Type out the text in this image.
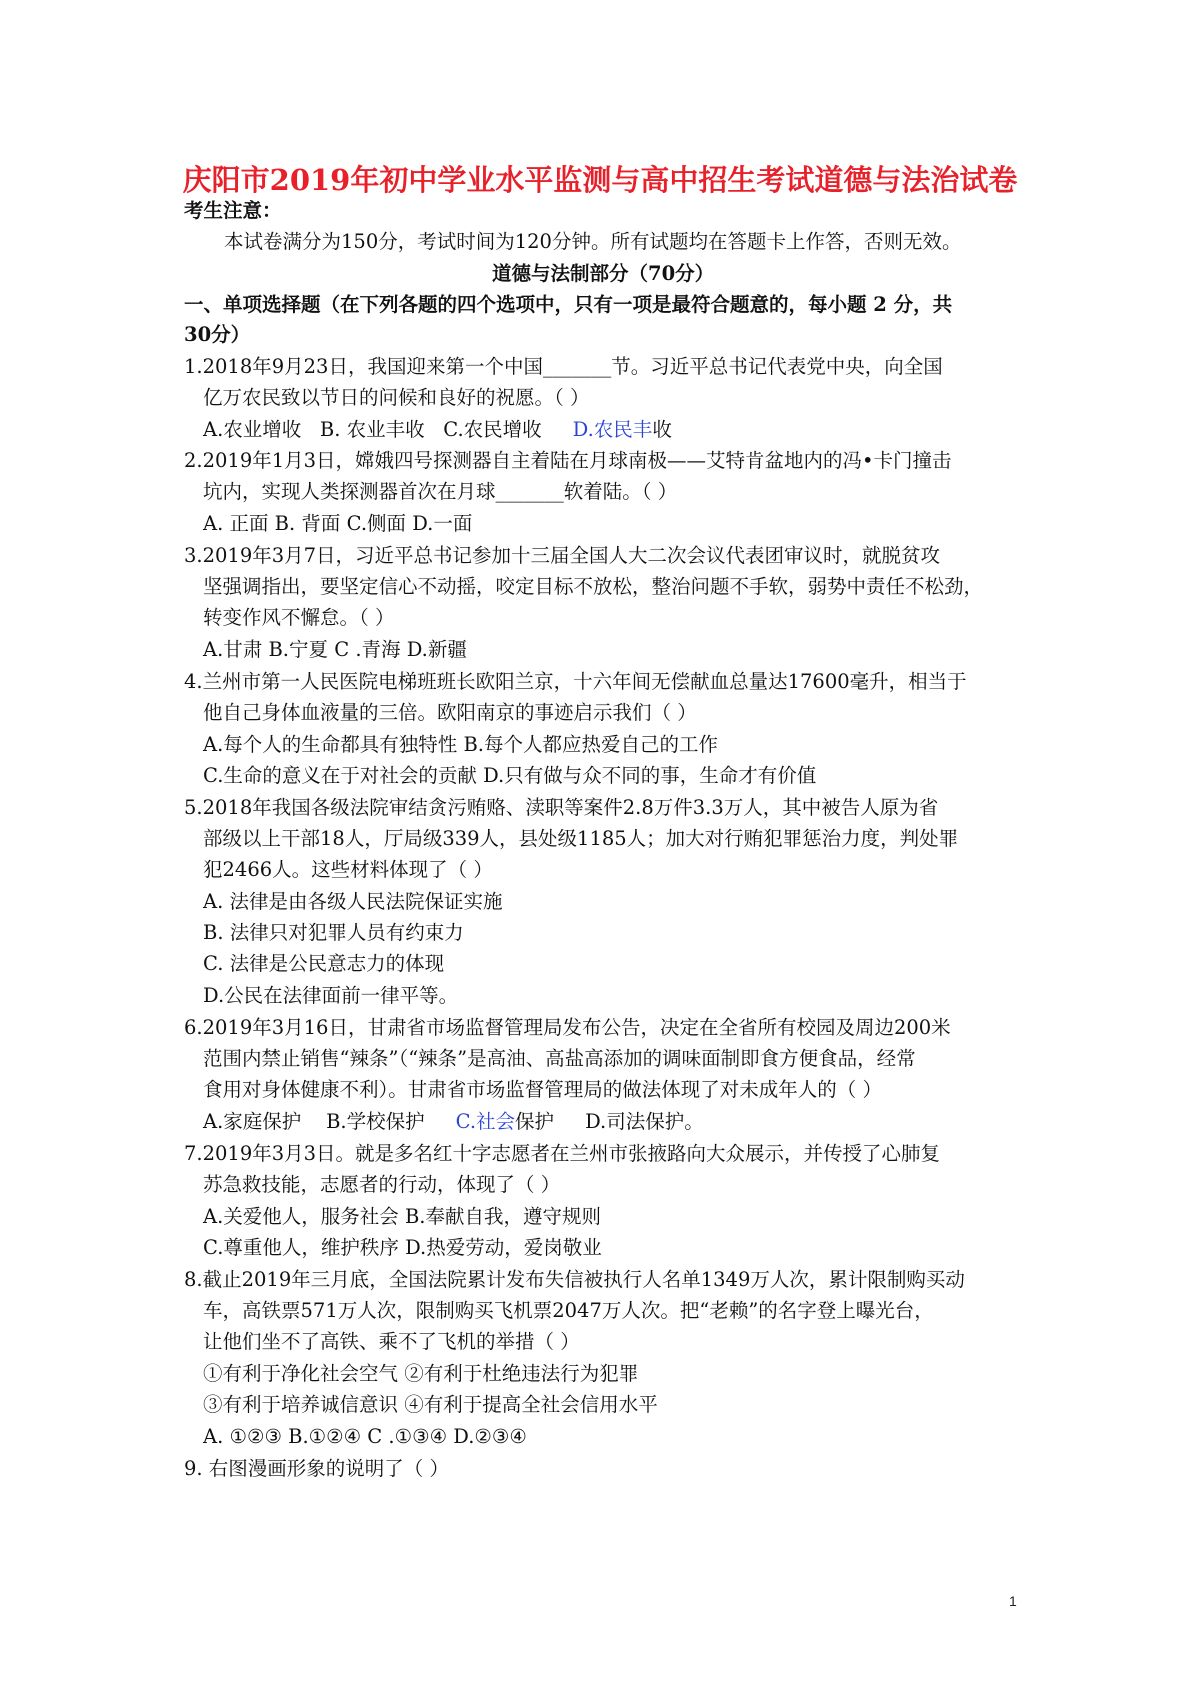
庆阳市2019年初中学业水平监测与高中招生考试道德与法治试卷
考生注意：
本试卷满分为150分，考试时间为120分钟。所有试题均在答题卡上作答，否则无效。
道德与法制部分（70分）
一、单项选择题（在下列各题的四个选项中，只有一项是最符合题意的，每小题 2 分，共
30分）
1.2018年9月23日，我国迎来第一个中国_______节。习近平总书记代表党中央，向全国
亿万农民致以节日的问候和良好的祝愿。（ ）
A.农业增收 B. 农业丰收 C.农民增收 D.农民丰收
2.2019年1月3日，嫦娥四号探测器自主着陆在月球南极——艾特肯盆地内的冯•卡门撞击
坑内，实现人类探测器首次在月球_______软着陆。（ ）
A. 正面 B. 背面 C.侧面 D.一面
3.2019年3月7日，习近平总书记参加十三届全国人大二次会议代表团审议时，就脱贫攻
坚强调指出，要坚定信心不动摇，咬定目标不放松，整治问题不手软，弱势中责任不松劲，
转变作风不懈怠。（ ）
A.甘肃 B.宁夏 C .青海 D.新疆
4.兰州市第一人民医院电梯班班长欧阳兰京，十六年间无偿献血总量达17600毫升，相当于
他自己身体血液量的三倍。欧阳南京的事迹启示我们（ ）
A.每个人的生命都具有独特性 B.每个人都应热爱自己的工作
C.生命的意义在于对社会的贡献 D.只有做与众不同的事，生命才有价值
5.2018年我国各级法院审结贪污贿赂、渎职等案件2.8万件3.3万人，其中被告人原为省
部级以上干部18人，厅局级339人，县处级1185人；加大对行贿犯罪惩治力度，判处罪
犯2466人。这些材料体现了（ ）
A. 法律是由各级人民法院保证实施
B. 法律只对犯罪人员有约束力
C. 法律是公民意志力的体现
D.公民在法律面前一律平等。
6.2019年3月16日，甘肃省市场监督管理局发布公告，决定在全省所有校园及周边200米
范围内禁止销售“辣条”（“辣条”是高油、高盐高添加的调味面制即食方便食品，经常
食用对身体健康不利）。甘肃省市场监督管理局的做法体现了对未成年人的（ ）
A.家庭保护 B.学校保护 C.社会保护 D.司法保护。
7.2019年3月3日。就是多名红十字志愿者在兰州市张掖路向大众展示，并传授了心肺复
苏急救技能，志愿者的行动，体现了（ ）
A.关爱他人，服务社会 B.奉献自我，遵守规则
C.尊重他人，维护秩序 D.热爱劳动，爱岗敬业
8.截止2019年三月底，全国法院累计发布失信被执行人名单1349万人次，累计限制购买动
车，高铁票571万人次，限制购买飞机票2047万人次。把“老赖”的名字登上曝光台，
让他们坐不了高铁、乘不了飞机的举措（ ）
①有利于净化社会空气 ②有利于杜绝违法行为犯罪
③有利于培养诚信意识 ④有利于提高全社会信用水平
A. ①②③ B.①②④ C .①③④ D.②③④
9. 右图漫画形象的说明了（ ）
1
